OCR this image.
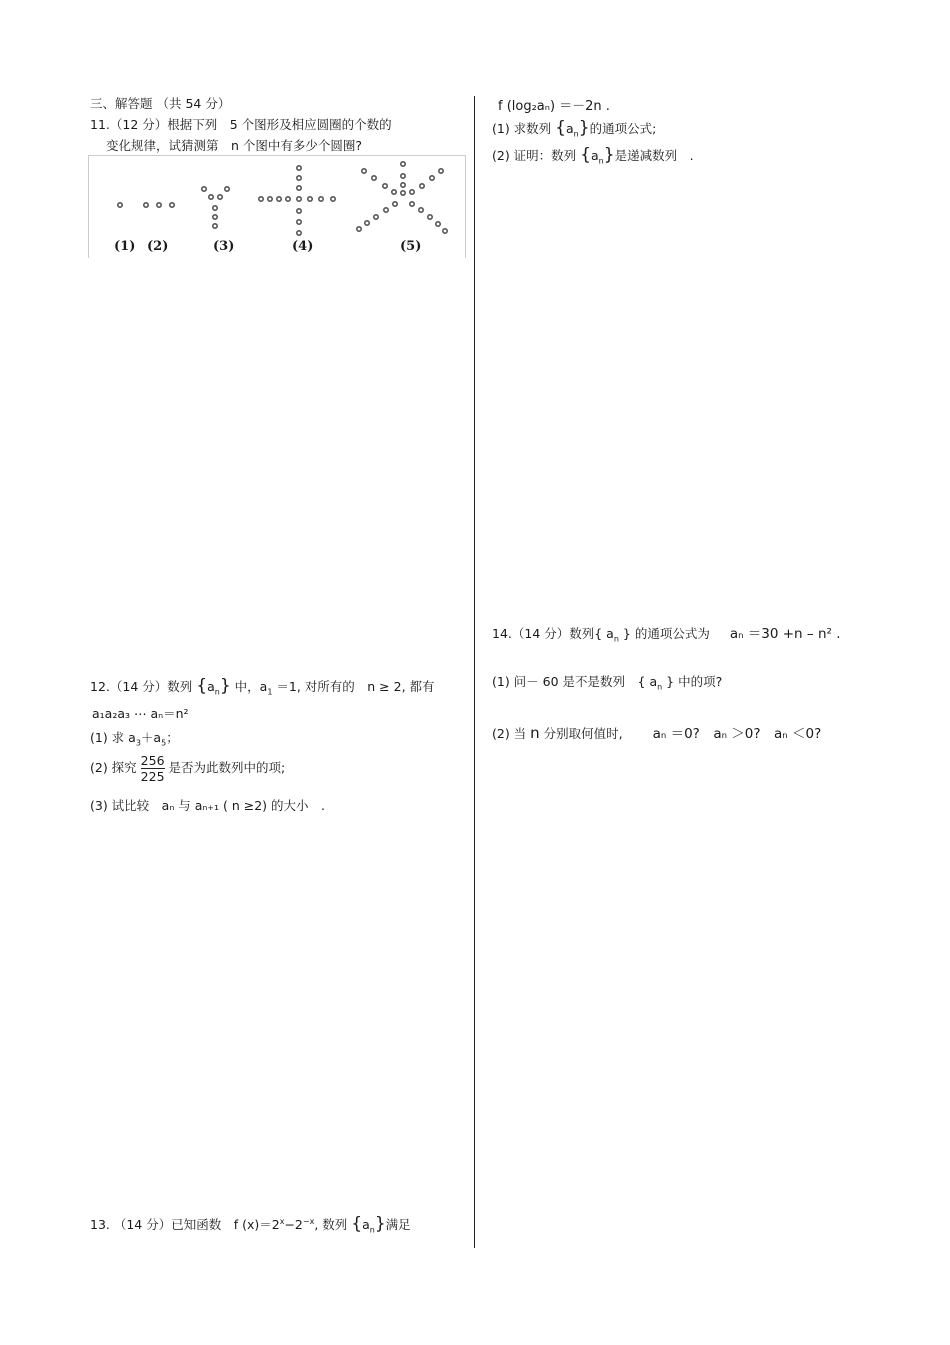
三、解答题 （共 54 分）
11.（12 分）根据下列　5 个图形及相应圆圈的个数的
变化规律，试猜测第　n 个图中有多少个圆圈?
(1) (2)	(3)	(4)	(5)
12.（14 分）数列 $\{a_n\}$ 中，$a_1 =1$, 对所有的　n ≥ 2, 都有
a₁a₂a₃ ⋯ aₙ＝n²
(1) 求 $a_3+a_5$；
(2) 探究 $\frac{256}{225}$ 是否为此数列中的项;
(3) 试比较　aₙ 与 aₙ₊₁ ( n ≥2) 的大小　.
13. （14 分）已知函数　f $(x)=2^x-2^{-x}$, 数列 $\{a_n\}$满足
f (log₂aₙ) ＝－2n .
(1) 求数列 $\{a_n\}$的通项公式;
(2) 证明：数列 $\{a_n\}$是递减数列　.
14.（14 分）数列{ $a_n$ } 的通项公式为 aₙ ＝30 +n – n² .
(1) 问－ 60 是不是数列　{ $a_n$ } 中的项?
(2) 当 n 分别取何值时, aₙ ＝0?　aₙ ＞0?　aₙ ＜0?
